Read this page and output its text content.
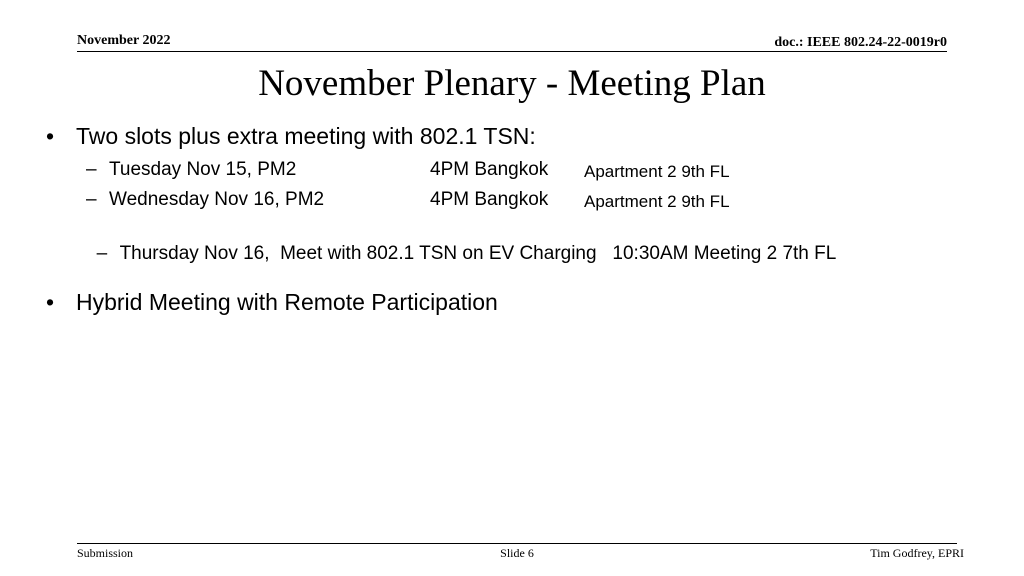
November 2022	doc.: IEEE 802.24-22-0019r0
November Plenary - Meeting Plan
• Two slots plus extra meeting with 802.1 TSN:
– Tuesday Nov 15, PM2	4PM Bangkok Apartment 2 9th FL
– Wednesday Nov 16, PM2	4PM Bangkok Apartment 2 9th FL

– Thursday Nov 16,  Meet with 802.1 TSN on EV Charging   10:30AM Meeting 2 7th FL

• Hybrid Meeting with Remote Participation
Submission	Slide 6	Tim Godfrey, EPRI
